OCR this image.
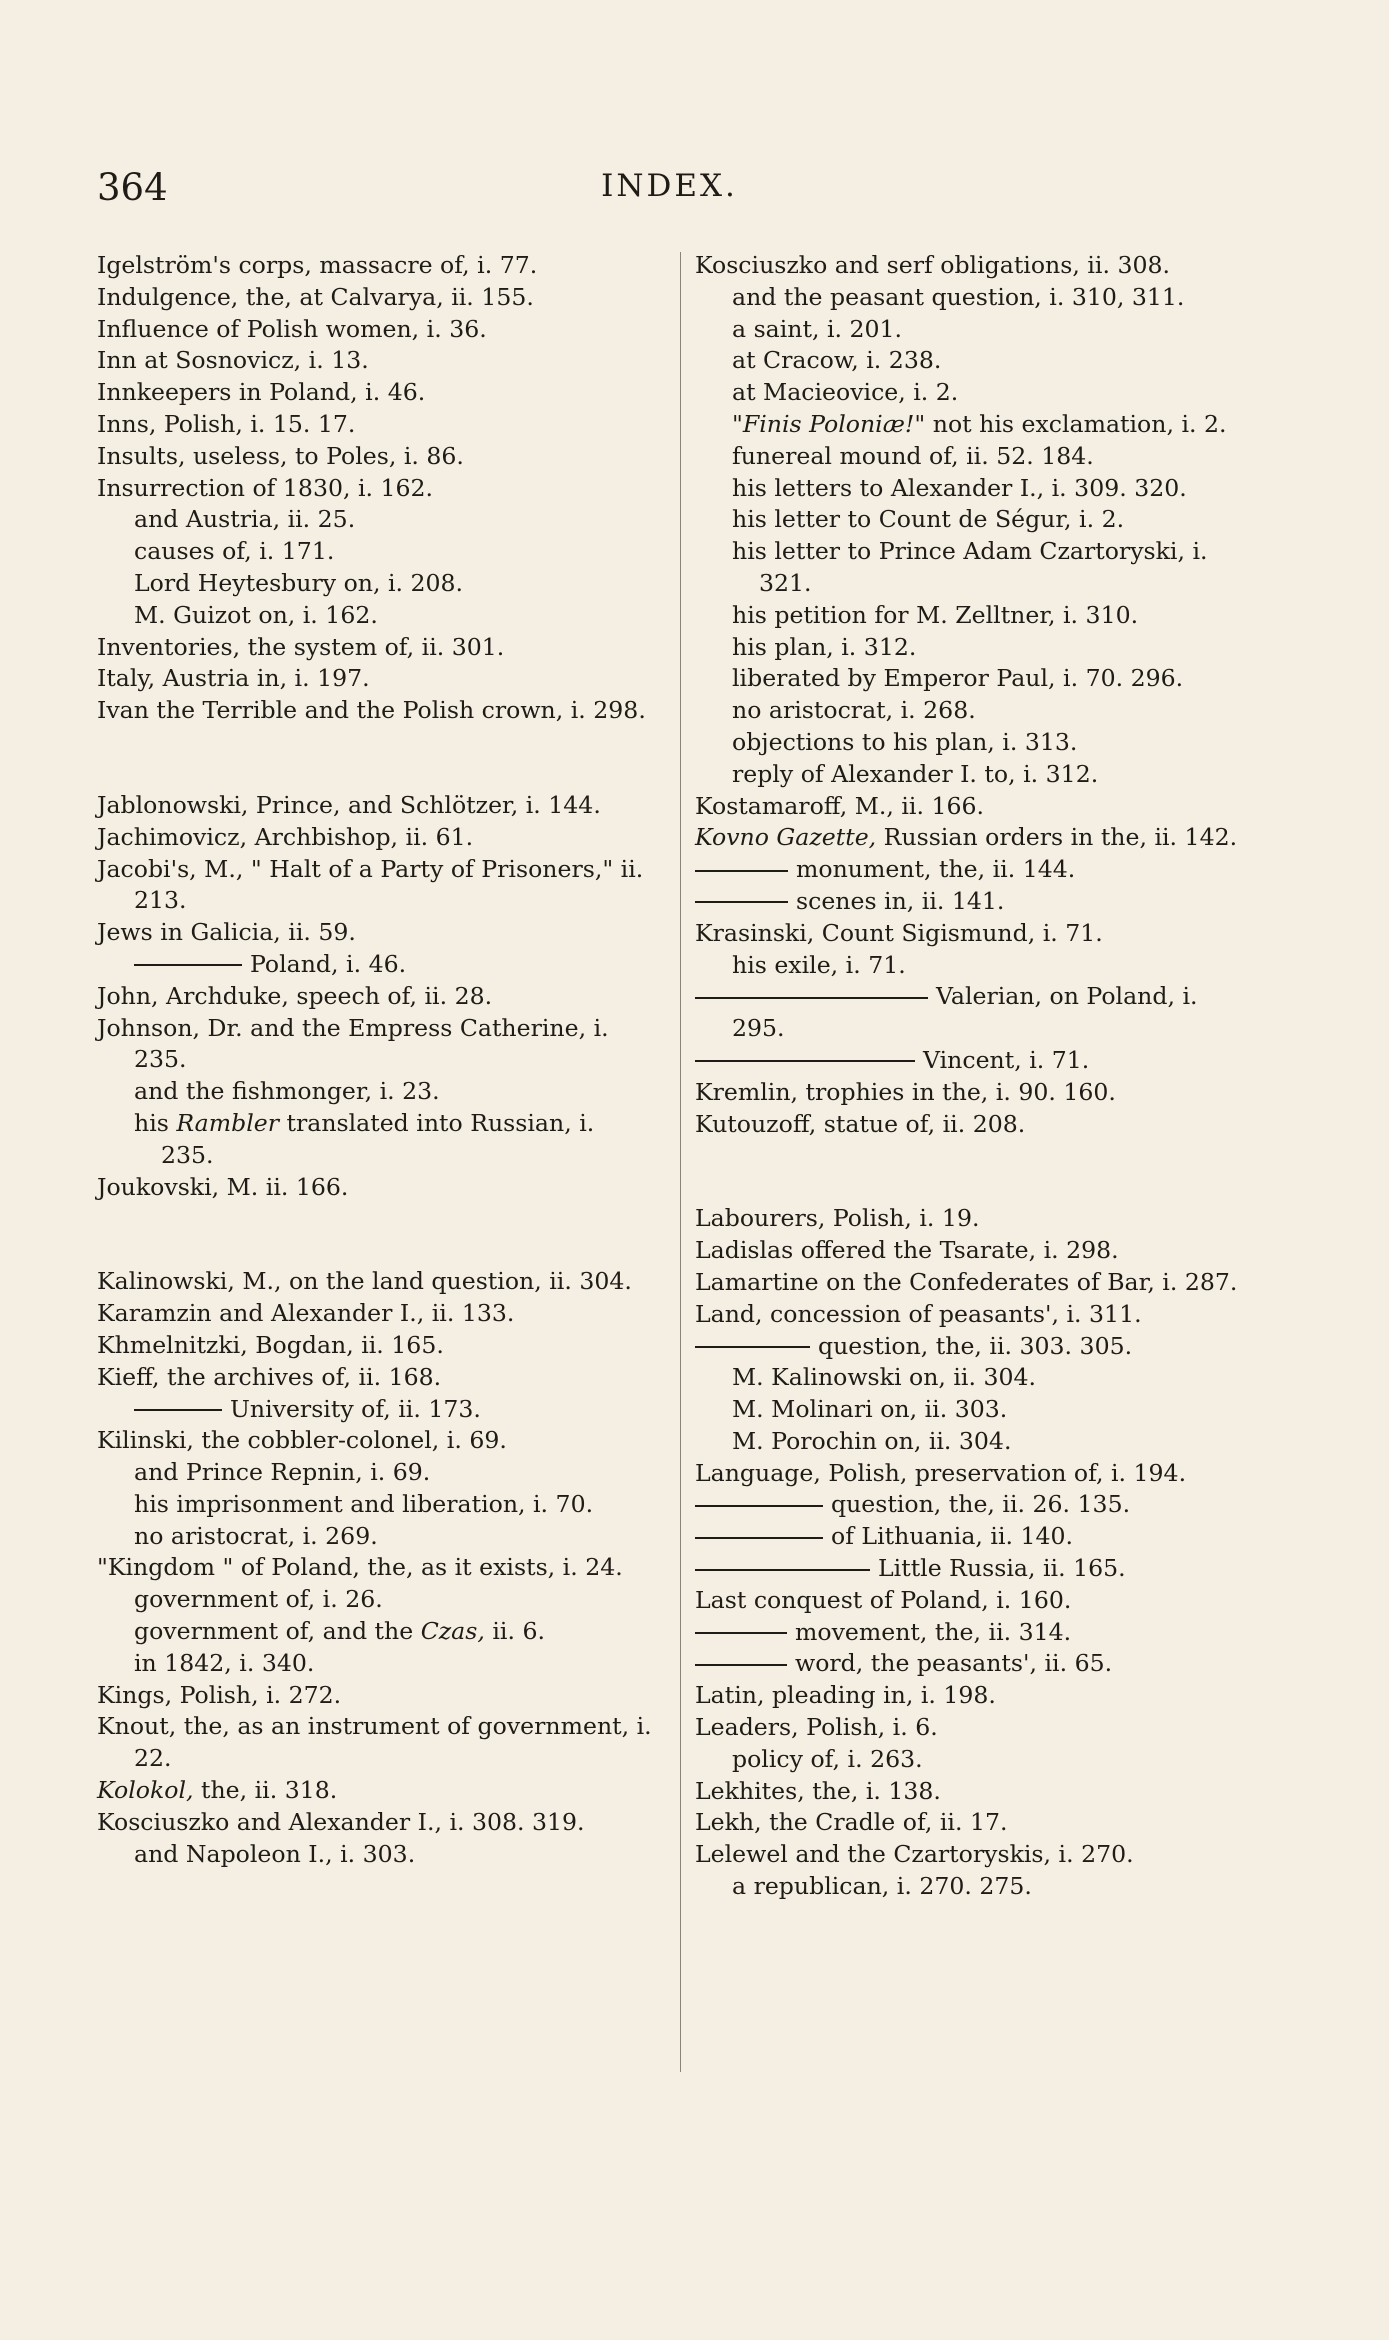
364	INDEX.
Igelström's corps, massacre of, i. 77.
Indulgence, the, at Calvarya, ii. 155.
Influence of Polish women, i. 36.
Inn at Sosnovicz, i. 13.
Innkeepers in Poland, i. 46.
Inns, Polish, i. 15. 17.
Insults, useless, to Poles, i. 86.
Insurrection of 1830, i. 162.
and Austria, ii. 25.
causes of, i. 171.
Lord Heytesbury on, i. 208.
M. Guizot on, i. 162.
Inventories, the system of, ii. 301.
Italy, Austria in, i. 197.
Ivan the Terrible and the Polish crown, i. 298.
Jablonowski, Prince, and Schlötzer, i. 144.
Jachimovicz, Archbishop, ii. 61.
Jacobi's, M., " Halt of a Party of Prisoners," ii. 213.
Jews in Galicia, ii. 59.
Poland, i. 46.
John, Archduke, speech of, ii. 28.
Johnson, Dr. and the Empress Catherine, i. 235.
and the fishmonger, i. 23.
his Rambler translated into Russian, i. 235.
Joukovski, M. ii. 166.
Kalinowski, M., on the land question, ii. 304.
Karamzin and Alexander I., ii. 133.
Khmelnitzki, Bogdan, ii. 165.
Kieff, the archives of, ii. 168.
University of, ii. 173.
Kilinski, the cobbler-colonel, i. 69.
and Prince Repnin, i. 69.
his imprisonment and liberation, i. 70.
no aristocrat, i. 269.
"Kingdom " of Poland, the, as it exists, i. 24.
government of, i. 26.
government of, and the Czas, ii. 6.
in 1842, i. 340.
Kings, Polish, i. 272.
Knout, the, as an instrument of government, i. 22.
Kolokol, the, ii. 318.
Kosciuszko and Alexander I., i. 308. 319.
and Napoleon I., i. 303.
Kosciuszko and serf obligations, ii. 308.
and the peasant question, i. 310, 311.
a saint, i. 201.
at Cracow, i. 238.
at Macieovice, i. 2.
"Finis Poloniæ!" not his exclamation, i. 2.
funereal mound of, ii. 52. 184.
his letters to Alexander I., i. 309. 320.
his letter to Count de Ségur, i. 2.
his letter to Prince Adam Czartoryski, i. 321.
his petition for M. Zelltner, i. 310.
his plan, i. 312.
liberated by Emperor Paul, i. 70. 296.
no aristocrat, i. 268.
objections to his plan, i. 313.
reply of Alexander I. to, i. 312.
Kostamaroff, M., ii. 166.
Kovno Gazette, Russian orders in the, ii. 142.
monument, the, ii. 144.
scenes in, ii. 141.
Krasinski, Count Sigismund, i. 71.
his exile, i. 71.
Valerian, on Poland, i. 295.
Vincent, i. 71.
Kremlin, trophies in the, i. 90. 160.
Kutouzoff, statue of, ii. 208.
Labourers, Polish, i. 19.
Ladislas offered the Tsarate, i. 298.
Lamartine on the Confederates of Bar, i. 287.
Land, concession of peasants', i. 311.
question, the, ii. 303. 305.
M. Kalinowski on, ii. 304.
M. Molinari on, ii. 303.
M. Porochin on, ii. 304.
Language, Polish, preservation of, i. 194.
question, the, ii. 26. 135.
of Lithuania, ii. 140.
Little Russia, ii. 165.
Last conquest of Poland, i. 160.
movement, the, ii. 314.
word, the peasants', ii. 65.
Latin, pleading in, i. 198.
Leaders, Polish, i. 6.
policy of, i. 263.
Lekhites, the, i. 138.
Lekh, the Cradle of, ii. 17.
Lelewel and the Czartoryskis, i. 270.
a republican, i. 270. 275.
